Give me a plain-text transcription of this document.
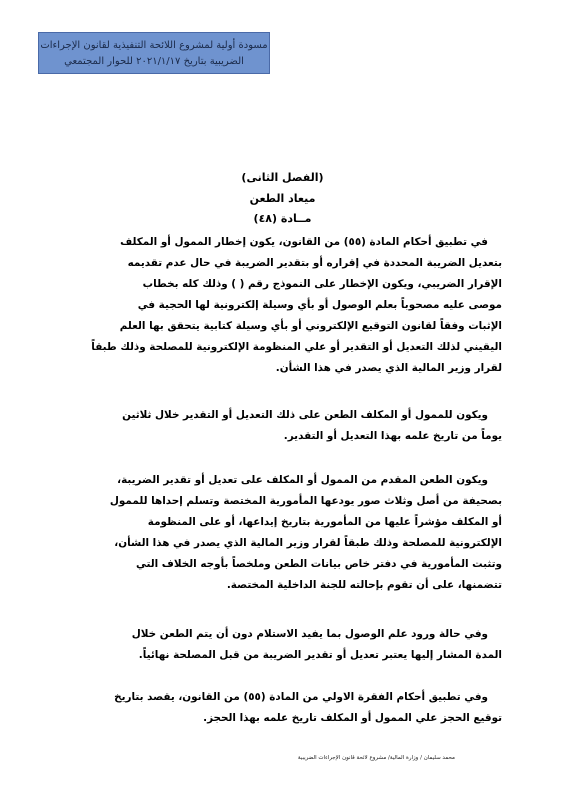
مسودة أولية لمشروع اللائحة التنفيذية لقانون الإجراءات
الضريبية بتاريخ ٢٠٢١/١/١٧ للحوار المجتمعي
(الفصل الثانى)
ميعاد الطعن
مــادة (٤٨)
في تطبيق أحكام المادة (٥٥) من القانون، يكون إخطار الممول أو المكلف
بتعديل الضريبة المحددة في إقراره أو بتقدير الضريبة في حال عدم تقديمه
الإقرار الضريبي، ويكون الإخطار على النموذج رقم ( ) وذلك كله بخطاب
موصى عليه مصحوباً بعلم الوصول أو بأي وسيلة إلكترونية لها الحجية في
الإثبات وفقاً لقانون التوقيع الإلكتروني أو بأي وسيلة كتابية يتحقق بها العلم
اليقيني لذلك التعديل أو التقدير أو علي المنظومة الإلكترونية للمصلحة وذلك طبقاً
لقرار وزير المالية الذي يصدر في هذا الشأن.
ويكون للممول أو المكلف الطعن على ذلك التعديل أو التقدير خلال ثلاثين
يوماً من تاريخ علمه بهذا التعديل أو التقدير.
ويكون الطعن المقدم من الممول أو المكلف على تعديل أو تقدير الضريبة،
بصحيفة من أصل وثلاث صور يودعها المأمورية المختصة وتسلم إحداها للممول
أو المكلف مؤشراً عليها من المأمورية بتاريخ إيداعها، أو على المنظومة
الإلكترونية للمصلحة وذلك طبقاً لقرار وزير المالية الذي يصدر في هذا الشأن،
وتثبت المأمورية في دفتر خاص بيانات الطعن وملخصاً بأوجه الخلاف التي
تتضمنها، على أن تقوم بإحالته للجنة الداخلية المختصة.
وفي حالة ورود علم الوصول بما يفيد الاستلام دون أن يتم الطعن خلال
المدة المشار إليها يعتبر تعديل أو تقدير الضريبة من قبل المصلحة نهائياً.
وفي تطبيق أحكام الفقرة الاولي من المادة (٥٥) من القانون، يقصد بتاريخ
توقيع الحجز علي الممول أو المكلف تاريخ علمه بهذا الحجز.
محمد سليمان / وزارة المالية/ مشروع لائحة قانون الإجراءات الضريبية
